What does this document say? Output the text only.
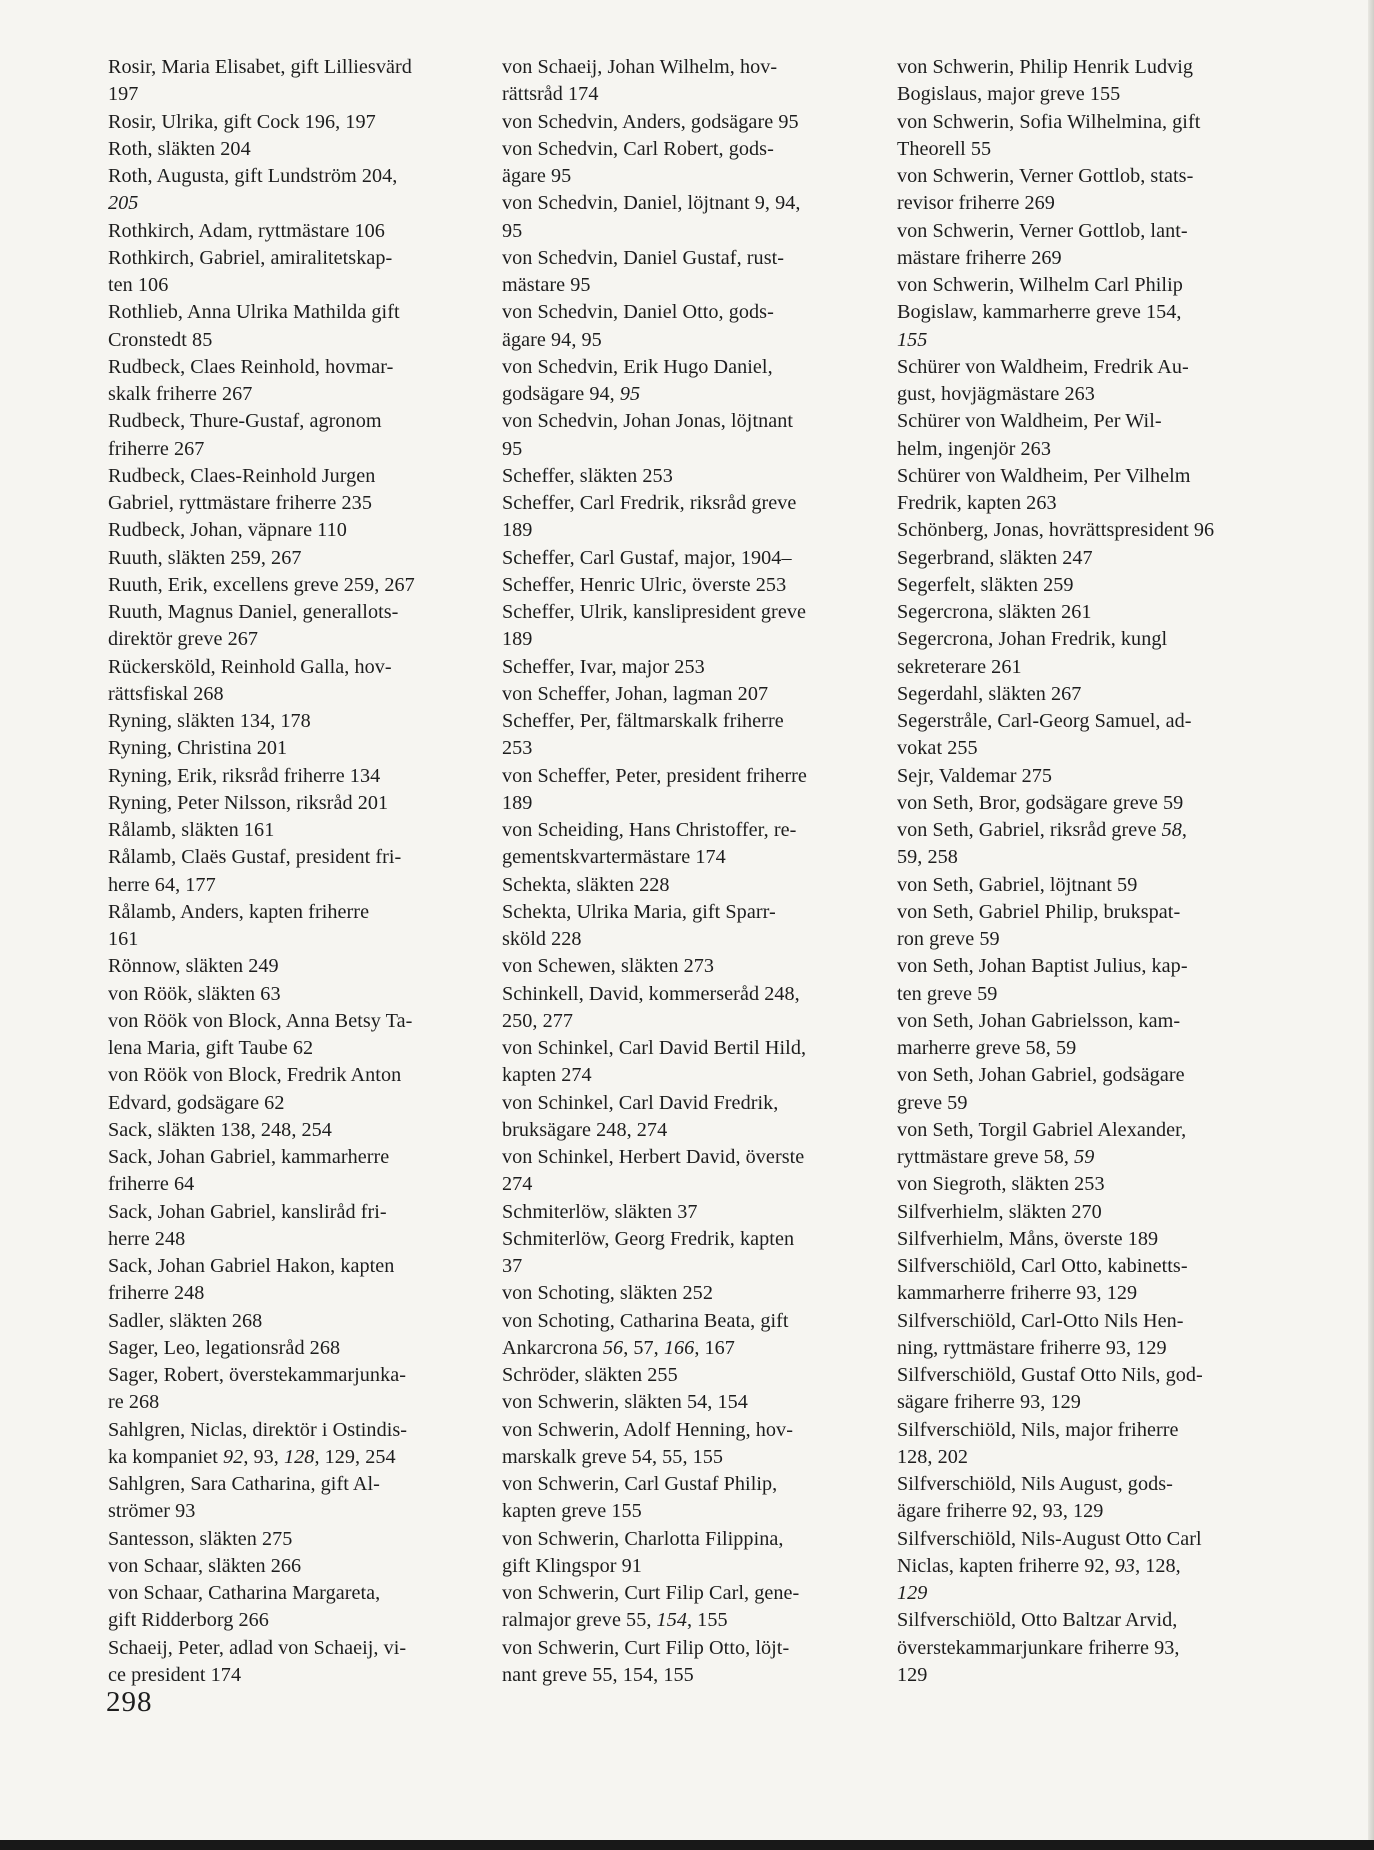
Rosir, Maria Elisabet, gift Lilliesvärd
197

Rosir, Ulrika, gift Cock 196, 197

Roth, släkten 204

Roth, Augusta, gift Lundström 204,
205

Rothkirch, Adam, ryttmästare 106

Rothkirch, Gabriel, amiralitetskap-
ten 106

Rothlieb, Anna Ulrika Mathilda gift
Cronstedt 85

Rudbeck, Claes Reinhold, hovmar-
skalk friherre 267

Rudbeck, Thure-Gustaf, agronom
friherre 267

Rudbeck, Claes-Reinhold Jurgen
Gabriel, ryttmästare friherre 235

Rudbeck, Johan, väpnare 110

Ruuth, släkten 259, 267

Ruuth, Erik, excellens greve 259, 267

Ruuth, Magnus Daniel, generallots-
direktör greve 267

Rückersköld, Reinhold Galla, hov-
rättsfiskal 268

Ryning, släkten 134, 178

Ryning, Christina 201

Ryning, Erik, riksråd friherre 134

Ryning, Peter Nilsson, riksråd 201

Rålamb, släkten 161

Rålamb, Claës Gustaf, president fri-
herre 64, 177

Rålamb, Anders, kapten friherre
161

Rönnow, släkten 249

von Röök, släkten 63

von Röök von Block, Anna Betsy Ta-
lena Maria, gift Taube 62

von Röök von Block, Fredrik Anton
Edvard, godsägare 62

Sack, släkten 138, 248, 254

Sack, Johan Gabriel, kammarherre
friherre 64

Sack, Johan Gabriel, kansliråd fri-
herre 248

Sack, Johan Gabriel Hakon, kapten
friherre 248

Sadler, släkten 268

Sager, Leo, legationsråd 268

Sager, Robert, överstekammarjunka-
re 268

Sahlgren, Niclas, direktör i Ostindis-
ka kompaniet 92, 93, 128, 129, 254

Sahlgren, Sara Catharina, gift Al-
strömer 93

Santesson, släkten 275

von Schaar, släkten 266

von Schaar, Catharina Margareta,
gift Ridderborg 266

Schaeij, Peter, adlad von Schaeij, vi-
ce president 174

von Schaeij, Johan Wilhelm, hov-
rättsråd 174

von Schedvin, Anders, godsägare 95

von Schedvin, Carl Robert, gods-
ägare 95

von Schedvin, Daniel, löjtnant 9, 94,
95

von Schedvin, Daniel Gustaf, rust-
mästare 95

von Schedvin, Daniel Otto, gods-
ägare 94, 95

von Schedvin, Erik Hugo Daniel,
godsägare 94, 95

von Schedvin, Johan Jonas, löjtnant
95

Scheffer, släkten 253

Scheffer, Carl Fredrik, riksråd greve
189

Scheffer, Carl Gustaf, major, 1904–

Scheffer, Henric Ulric, överste 253

Scheffer, Ulrik, kanslipresident greve
189

Scheffer, Ivar, major 253

von Scheffer, Johan, lagman 207

Scheffer, Per, fältmarskalk friherre
253

von Scheffer, Peter, president friherre
189

von Scheiding, Hans Christoffer, re-
gementskvartermästare 174

Schekta, släkten 228

Schekta, Ulrika Maria, gift Sparr-
sköld 228

von Schewen, släkten 273

Schinkell, David, kommerseråd 248,
250, 277

von Schinkel, Carl David Bertil Hild,
kapten 274

von Schinkel, Carl David Fredrik,
bruksägare 248, 274

von Schinkel, Herbert David, överste
274

Schmiterlöw, släkten 37

Schmiterlöw, Georg Fredrik, kapten
37

von Schoting, släkten 252

von Schoting, Catharina Beata, gift
Ankarcrona 56, 57, 166, 167

Schröder, släkten 255

von Schwerin, släkten 54, 154

von Schwerin, Adolf Henning, hov-
marskalk greve 54, 55, 155

von Schwerin, Carl Gustaf Philip,
kapten greve 155

von Schwerin, Charlotta Filippina,
gift Klingspor 91

von Schwerin, Curt Filip Carl, gene-
ralmajor greve 55, 154, 155

von Schwerin, Curt Filip Otto, löjt-
nant greve 55, 154, 155

von Schwerin, Philip Henrik Ludvig
Bogislaus, major greve 155

von Schwerin, Sofia Wilhelmina, gift
Theorell 55

von Schwerin, Verner Gottlob, stats-
revisor friherre 269

von Schwerin, Verner Gottlob, lant-
mästare friherre 269

von Schwerin, Wilhelm Carl Philip
Bogislaw, kammarherre greve 154,
155

Schürer von Waldheim, Fredrik Au-
gust, hovjägmästare 263

Schürer von Waldheim, Per Wil-
helm, ingenjör 263

Schürer von Waldheim, Per Vilhelm
Fredrik, kapten 263

Schönberg, Jonas, hovrättspresident 96

Segerbrand, släkten 247

Segerfelt, släkten 259

Segercrona, släkten 261

Segercrona, Johan Fredrik, kungl
sekreterare 261

Segerdahl, släkten 267

Segerstråle, Carl-Georg Samuel, ad-
vokat 255

Sejr, Valdemar 275

von Seth, Bror, godsägare greve 59

von Seth, Gabriel, riksråd greve 58,
59, 258

von Seth, Gabriel, löjtnant 59

von Seth, Gabriel Philip, brukspat-
ron greve 59

von Seth, Johan Baptist Julius, kap-
ten greve 59

von Seth, Johan Gabrielsson, kam-
marherre greve 58, 59

von Seth, Johan Gabriel, godsägare
greve 59

von Seth, Torgil Gabriel Alexander,
ryttmästare greve 58, 59

von Siegroth, släkten 253

Silfverhielm, släkten 270

Silfverhielm, Måns, överste 189

Silfverschiöld, Carl Otto, kabinetts-
kammarherre friherre 93, 129

Silfverschiöld, Carl-Otto Nils Hen-
ning, ryttmästare friherre 93, 129

Silfverschiöld, Gustaf Otto Nils, god-
sägare friherre 93, 129

Silfverschiöld, Nils, major friherre
128, 202

Silfverschiöld, Nils August, gods-
ägare friherre 92, 93, 129

Silfverschiöld, Nils-August Otto Carl
Niclas, kapten friherre 92, 93, 128,
129

Silfverschiöld, Otto Baltzar Arvid,
överstekammarjunkare friherre 93,
129

298
